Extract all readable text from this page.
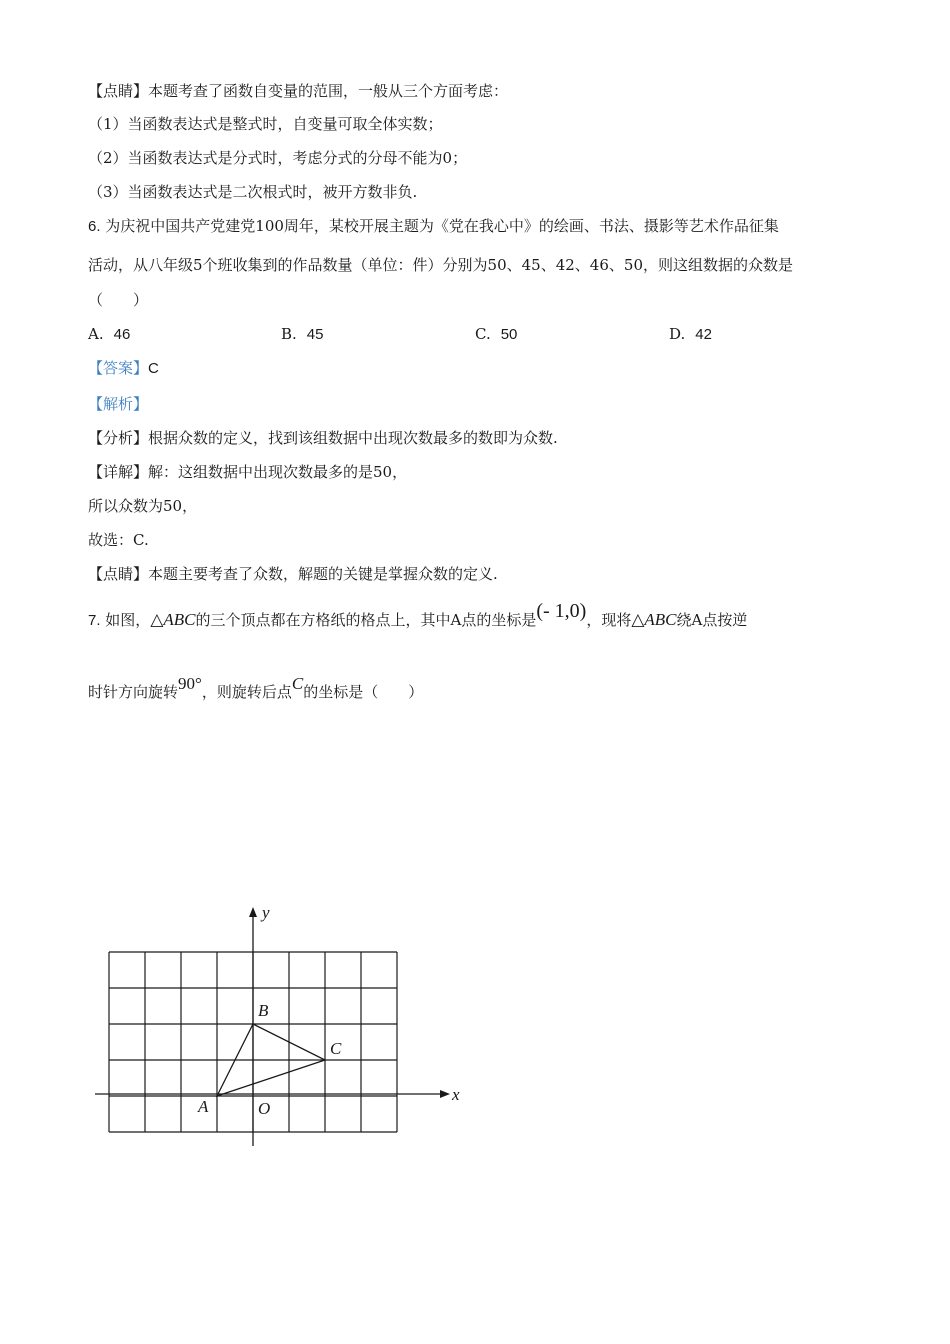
【点睛】本题考查了函数自变量的范围，一般从三个方面考虑：
（1）当函数表达式是整式时，自变量可取全体实数；
（2）当函数表达式是分式时，考虑分式的分母不能为0；
（3）当函数表达式是二次根式时，被开方数非负.
6. 为庆祝中国共产党建党100周年，某校开展主题为《党在我心中》的绘画、书法、摄影等艺术作品征集
活动，从八年级5个班收集到的作品数量（单位：件）分别为50、45、42、46、50，则这组数据的众数是
（　　）
A. 46	B. 45	C. 50	D. 42
【答案】C
【解析】
【分析】根据众数的定义，找到该组数据中出现次数最多的数即为众数.
【详解】解：这组数据中出现次数最多的是50，
所以众数为50，
故选：C.
【点睛】本题主要考查了众数，解题的关键是掌握众数的定义.
7. 如图，△ABC的三个顶点都在方格纸的格点上，其中A点的坐标是(- 1,0)，现将△ABC绕A点按逆
时针方向旋转90°，则旋转后点C的坐标是（　　）
x
y
A
B
C
O
